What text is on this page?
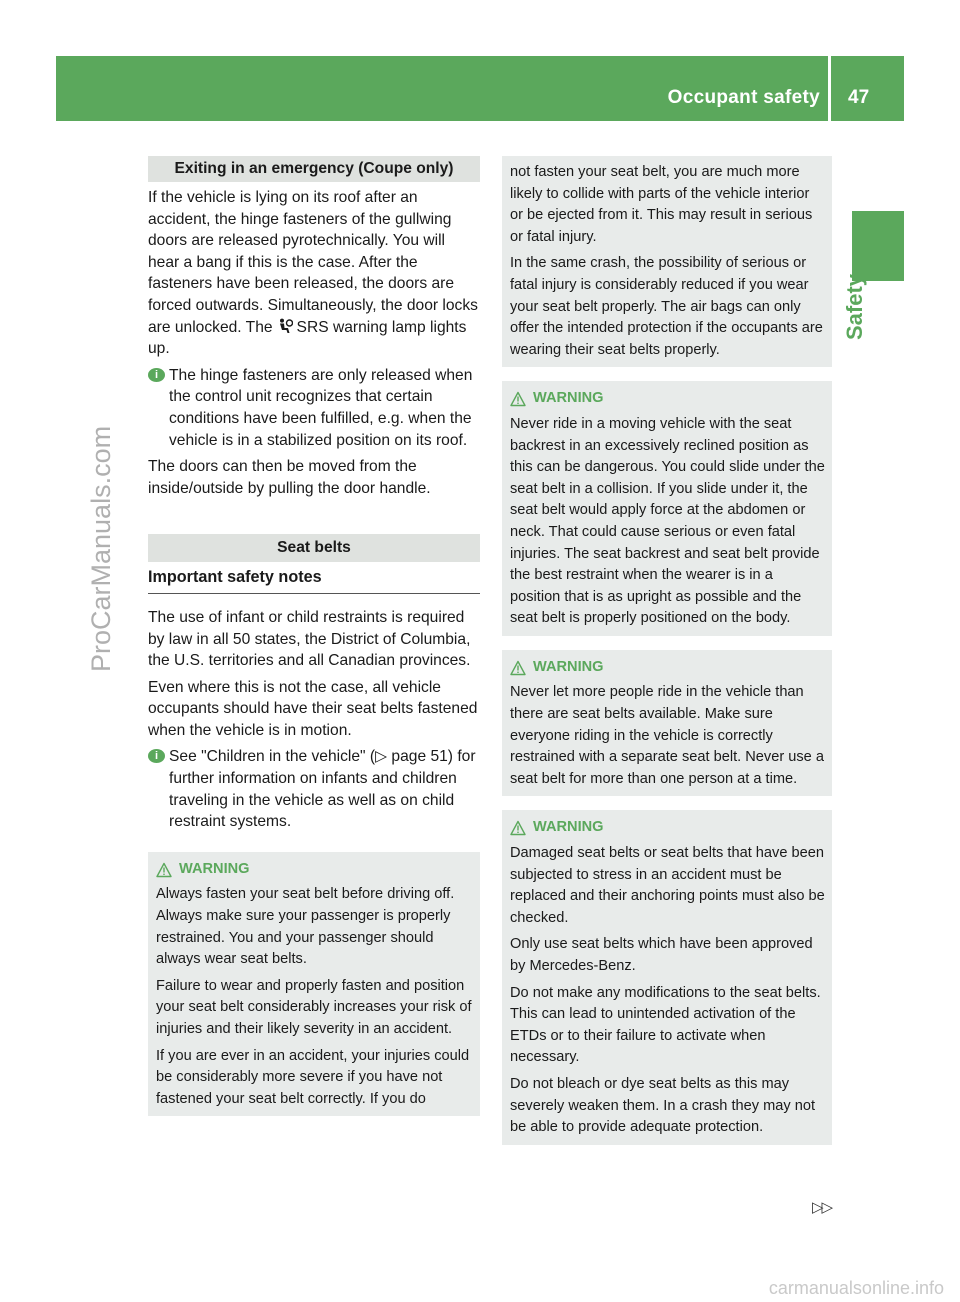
Occupant safety 47
Safety
ProCarManuals.com
carmanualsonline.info
Exiting in an emergency (Coupe only)

If the vehicle is lying on its roof after an accident, the hinge fasteners of the gullwing doors are released pyrotechnically. You will hear a bang if this is the case. After the fasteners have been released, the doors are forced outwards. Simultaneously, the door locks are unlocked. The SRS warning lamp lights up.

i The hinge fasteners are only released when the control unit recognizes that certain conditions have been fulfilled, e.g. when the vehicle is in a stabilized position on its roof.

The doors can then be moved from the inside/outside by pulling the door handle.

Seat belts
Important safety notes

The use of infant or child restraints is required by law in all 50 states, the District of Columbia, the U.S. territories and all Canadian provinces.

Even where this is not the case, all vehicle occupants should have their seat belts fastened when the vehicle is in motion.

i See "Children in the vehicle" (▷ page 51) for further information on infants and children traveling in the vehicle as well as on child restraint systems.
WARNING

Always fasten your seat belt before driving off. Always make sure your passenger is properly restrained. You and your passenger should always wear seat belts.

Failure to wear and properly fasten and position your seat belt considerably increases your risk of injuries and their likely severity in an accident.

If you are ever in an accident, your injuries could be considerably more severe if you have not fastened your seat belt correctly. If you do

not fasten your seat belt, you are much more likely to collide with parts of the vehicle interior or be ejected from it. This may result in serious or fatal injury.

In the same crash, the possibility of serious or fatal injury is considerably reduced if you wear your seat belt properly. The air bags can only offer the intended protection if the occupants are wearing their seat belts properly.

WARNING

Never ride in a moving vehicle with the seat backrest in an excessively reclined position as this can be dangerous. You could slide under the seat belt in a collision. If you slide under it, the seat belt would apply force at the abdomen or neck. That could cause serious or even fatal injuries. The seat backrest and seat belt provide the best restraint when the wearer is in a position that is as upright as possible and the seat belt is properly positioned on the body.

WARNING

Never let more people ride in the vehicle than there are seat belts available. Make sure everyone riding in the vehicle is correctly restrained with a separate seat belt. Never use a seat belt for more than one person at a time.

WARNING

Damaged seat belts or seat belts that have been subjected to stress in an accident must be replaced and their anchoring points must also be checked.

Only use seat belts which have been approved by Mercedes-Benz.

Do not make any modifications to the seat belts. This can lead to unintended activation of the ETDs or to their failure to activate when necessary.

Do not bleach or dye seat belts as this may severely weaken them. In a crash they may not be able to provide adequate protection.

▷▷
